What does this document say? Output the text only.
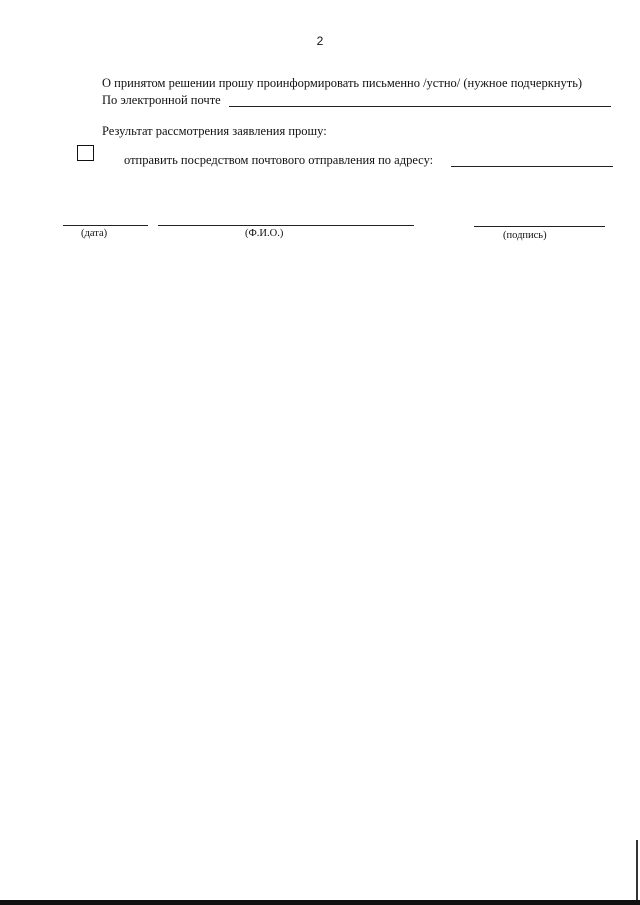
2
О принятом решении прошу проинформировать письменно /устно/ (нужное подчеркнуть)
По электронной почте
Результат рассмотрения заявления прошу:
отправить посредством почтового отправления по адресу:
(дата)	(Ф.И.О.)	(подпись)
